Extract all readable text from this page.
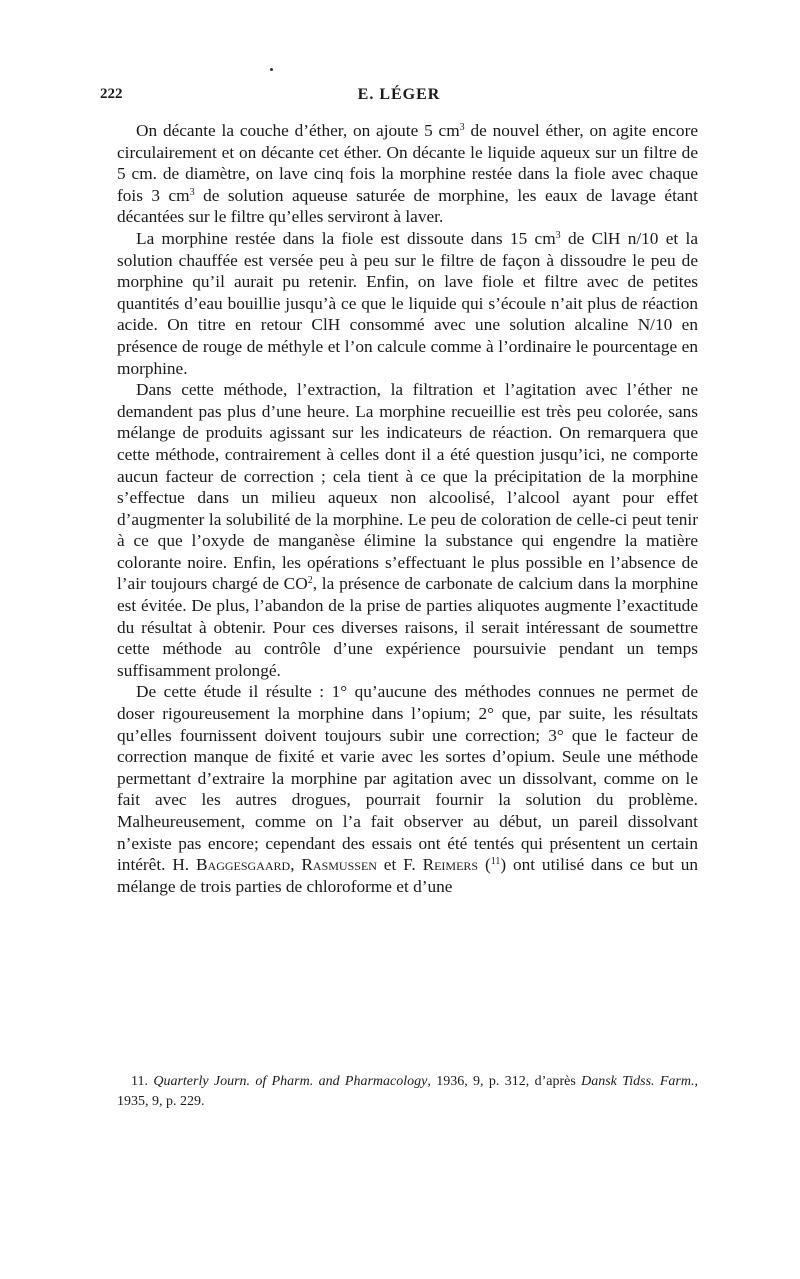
222	E. LÉGER

On décante la couche d’éther, on ajoute 5 $cm^3$ de nouvel éther, on agite encore circulairement et on décante cet éther. On décante le liquide aqueux sur un filtre de 5 cm. de diamètre, on lave cinq fois la morphine restée dans la fiole avec chaque fois 3 $cm^3$ de solution aqueuse saturée de morphine, les eaux de lavage étant décantées sur le filtre qu’elles serviront à laver.

La morphine restée dans la fiole est dissoute dans 15 $cm^3$ de ClH n/10 et la solution chauffée est versée peu à peu sur le filtre de façon à dissoudre le peu de morphine qu’il aurait pu retenir. Enfin, on lave fiole et filtre avec de petites quantités d’eau bouillie jusqu’à ce que le liquide qui s’écoule n’ait plus de réaction acide. On titre en retour ClH consommé avec une solution alcaline N/10 en présence de rouge de méthyle et l’on calcule comme à l’ordinaire le pourcentage en morphine.

Dans cette méthode, l’extraction, la filtration et l’agitation avec l’éther ne demandent pas plus d’une heure. La morphine recueillie est très peu colorée, sans mélange de produits agissant sur les indicateurs de réaction. On remarquera que cette méthode, contrairement à celles dont il a été question jusqu’ici, ne comporte aucun facteur de correction ; cela tient à ce que la précipitation de la morphine s’effectue dans un milieu aqueux non alcoolisé, l’alcool ayant pour effet d’augmenter la solubilité de la morphine. Le peu de coloration de celle-ci peut tenir à ce que l’oxyde de manganèse élimine la substance qui engendre la matière colorante noire. Enfin, les opérations s’effectuant le plus possible en l’absence de l’air toujours chargé de $CO^2$, la présence de carbonate de calcium dans la morphine est évitée. De plus, l’abandon de la prise de parties aliquotes augmente l’exactitude du résultat à obtenir. Pour ces diverses raisons, il serait intéressant de soumettre cette méthode au contrôle d’une expérience poursuivie pendant un temps suffisamment prolongé.

De cette étude il résulte : 1° qu’aucune des méthodes connues ne permet de doser rigoureusement la morphine dans l’opium; 2° que, par suite, les résultats qu’elles fournissent doivent toujours subir une correction; 3° que le facteur de correction manque de fixité et varie avec les sortes d’opium. Seule une méthode permettant d’extraire la morphine par agitation avec un dissolvant, comme on le fait avec les autres drogues, pourrait fournir la solution du problème. Malheureusement, comme on l’a fait observer au début, un pareil dissolvant n’existe pas encore; cependant des essais ont été tentés qui présentent un certain intérêt. H. Baggesgaard, Rasmussen et F. Reimers ($^{11}$) ont utilisé dans ce but un mélange de trois parties de chloroforme et d’une

11. Quarterly Journ. of Pharm. and Pharmacology, 1936, 9, p. 312, d’après Dansk Tidss. Farm., 1935, 9, p. 229.
